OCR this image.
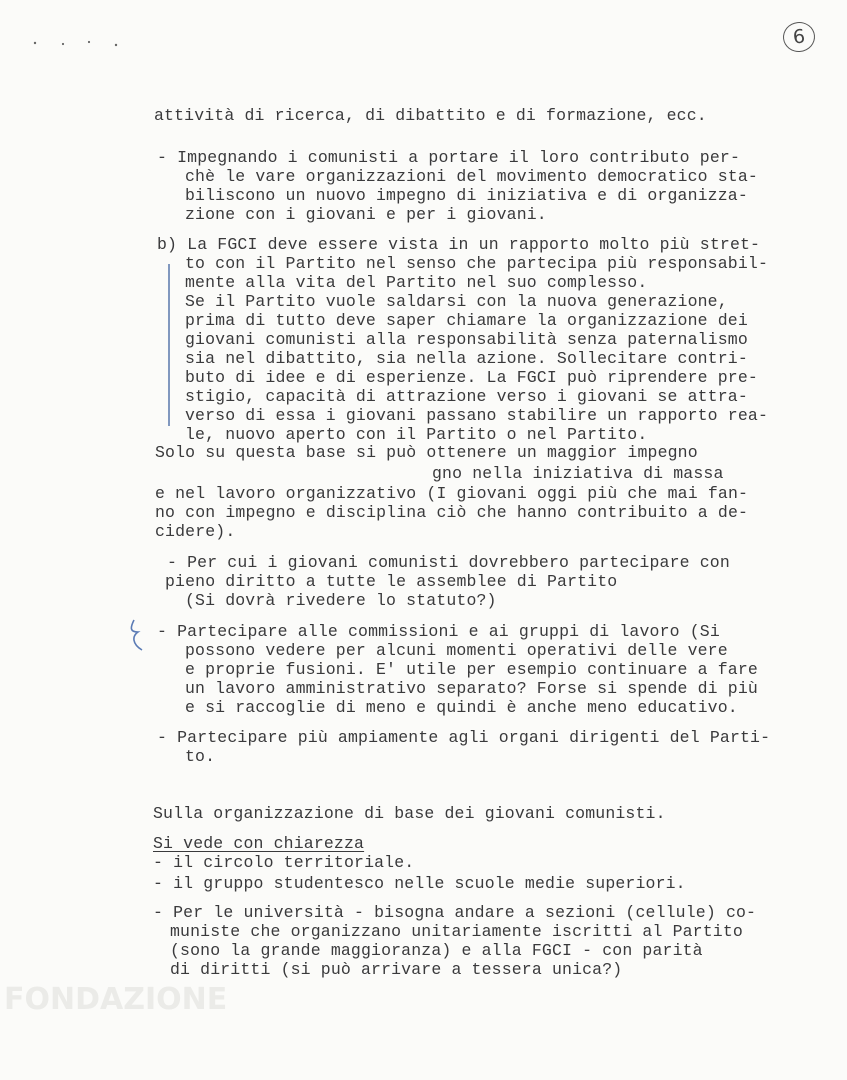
6
attività di ricerca, di dibattito e di formazione, ecc.
- Impegnando i comunisti a portare il loro contributo per-
chè le vare organizzazioni del movimento democratico sta-
biliscono un nuovo impegno di iniziativa e di organizza-
zione con i giovani e per i giovani.
b) La FGCI deve essere vista in un rapporto molto più stret-
to con il Partito nel senso che partecipa più responsabil-
mente alla vita del Partito nel suo complesso.
Se il Partito vuole saldarsi con la nuova generazione,
prima di tutto deve saper chiamare la organizzazione dei
giovani comunisti alla responsabilità senza paternalismo
sia nel dibattito, sia nella azione. Sollecitare contri-
buto di idee e di esperienze. La FGCI può riprendere pre-
stigio, capacità di attrazione verso i giovani se attra-
verso di essa i giovani passano stabilire un rapporto rea-
le, nuovo aperto con il Partito o nel Partito.
Solo su questa base si può ottenere un maggior impegno
gno nella iniziativa di massa
e nel lavoro organizzativo (I giovani oggi più che mai fan-
no con impegno e disciplina ciò che hanno contribuito a de-
cidere).
- Per cui i giovani comunisti dovrebbero partecipare con
pieno diritto a tutte le assemblee di Partito
(Si dovrà rivedere lo statuto?)
- Partecipare alle commissioni e ai gruppi di lavoro (Si
possono vedere per alcuni momenti operativi delle vere
e proprie fusioni. E' utile per esempio continuare a fare
un lavoro amministrativo separato? Forse si spende di più
e si raccoglie di meno e quindi è anche meno educativo.
- Partecipare più ampiamente agli organi dirigenti del Parti-
to.
Sulla organizzazione di base dei giovani comunisti.
Si vede con chiarezza
- il circolo territoriale.
- il gruppo studentesco nelle scuole medie superiori.
- Per le università - bisogna andare a sezioni (cellule) co-
muniste che organizzano unitariamente iscritti al Partito
(sono la grande maggioranza) e alla FGCI - con parità
di diritti (si può arrivare a tessera unica?)
FONDAZIONE
